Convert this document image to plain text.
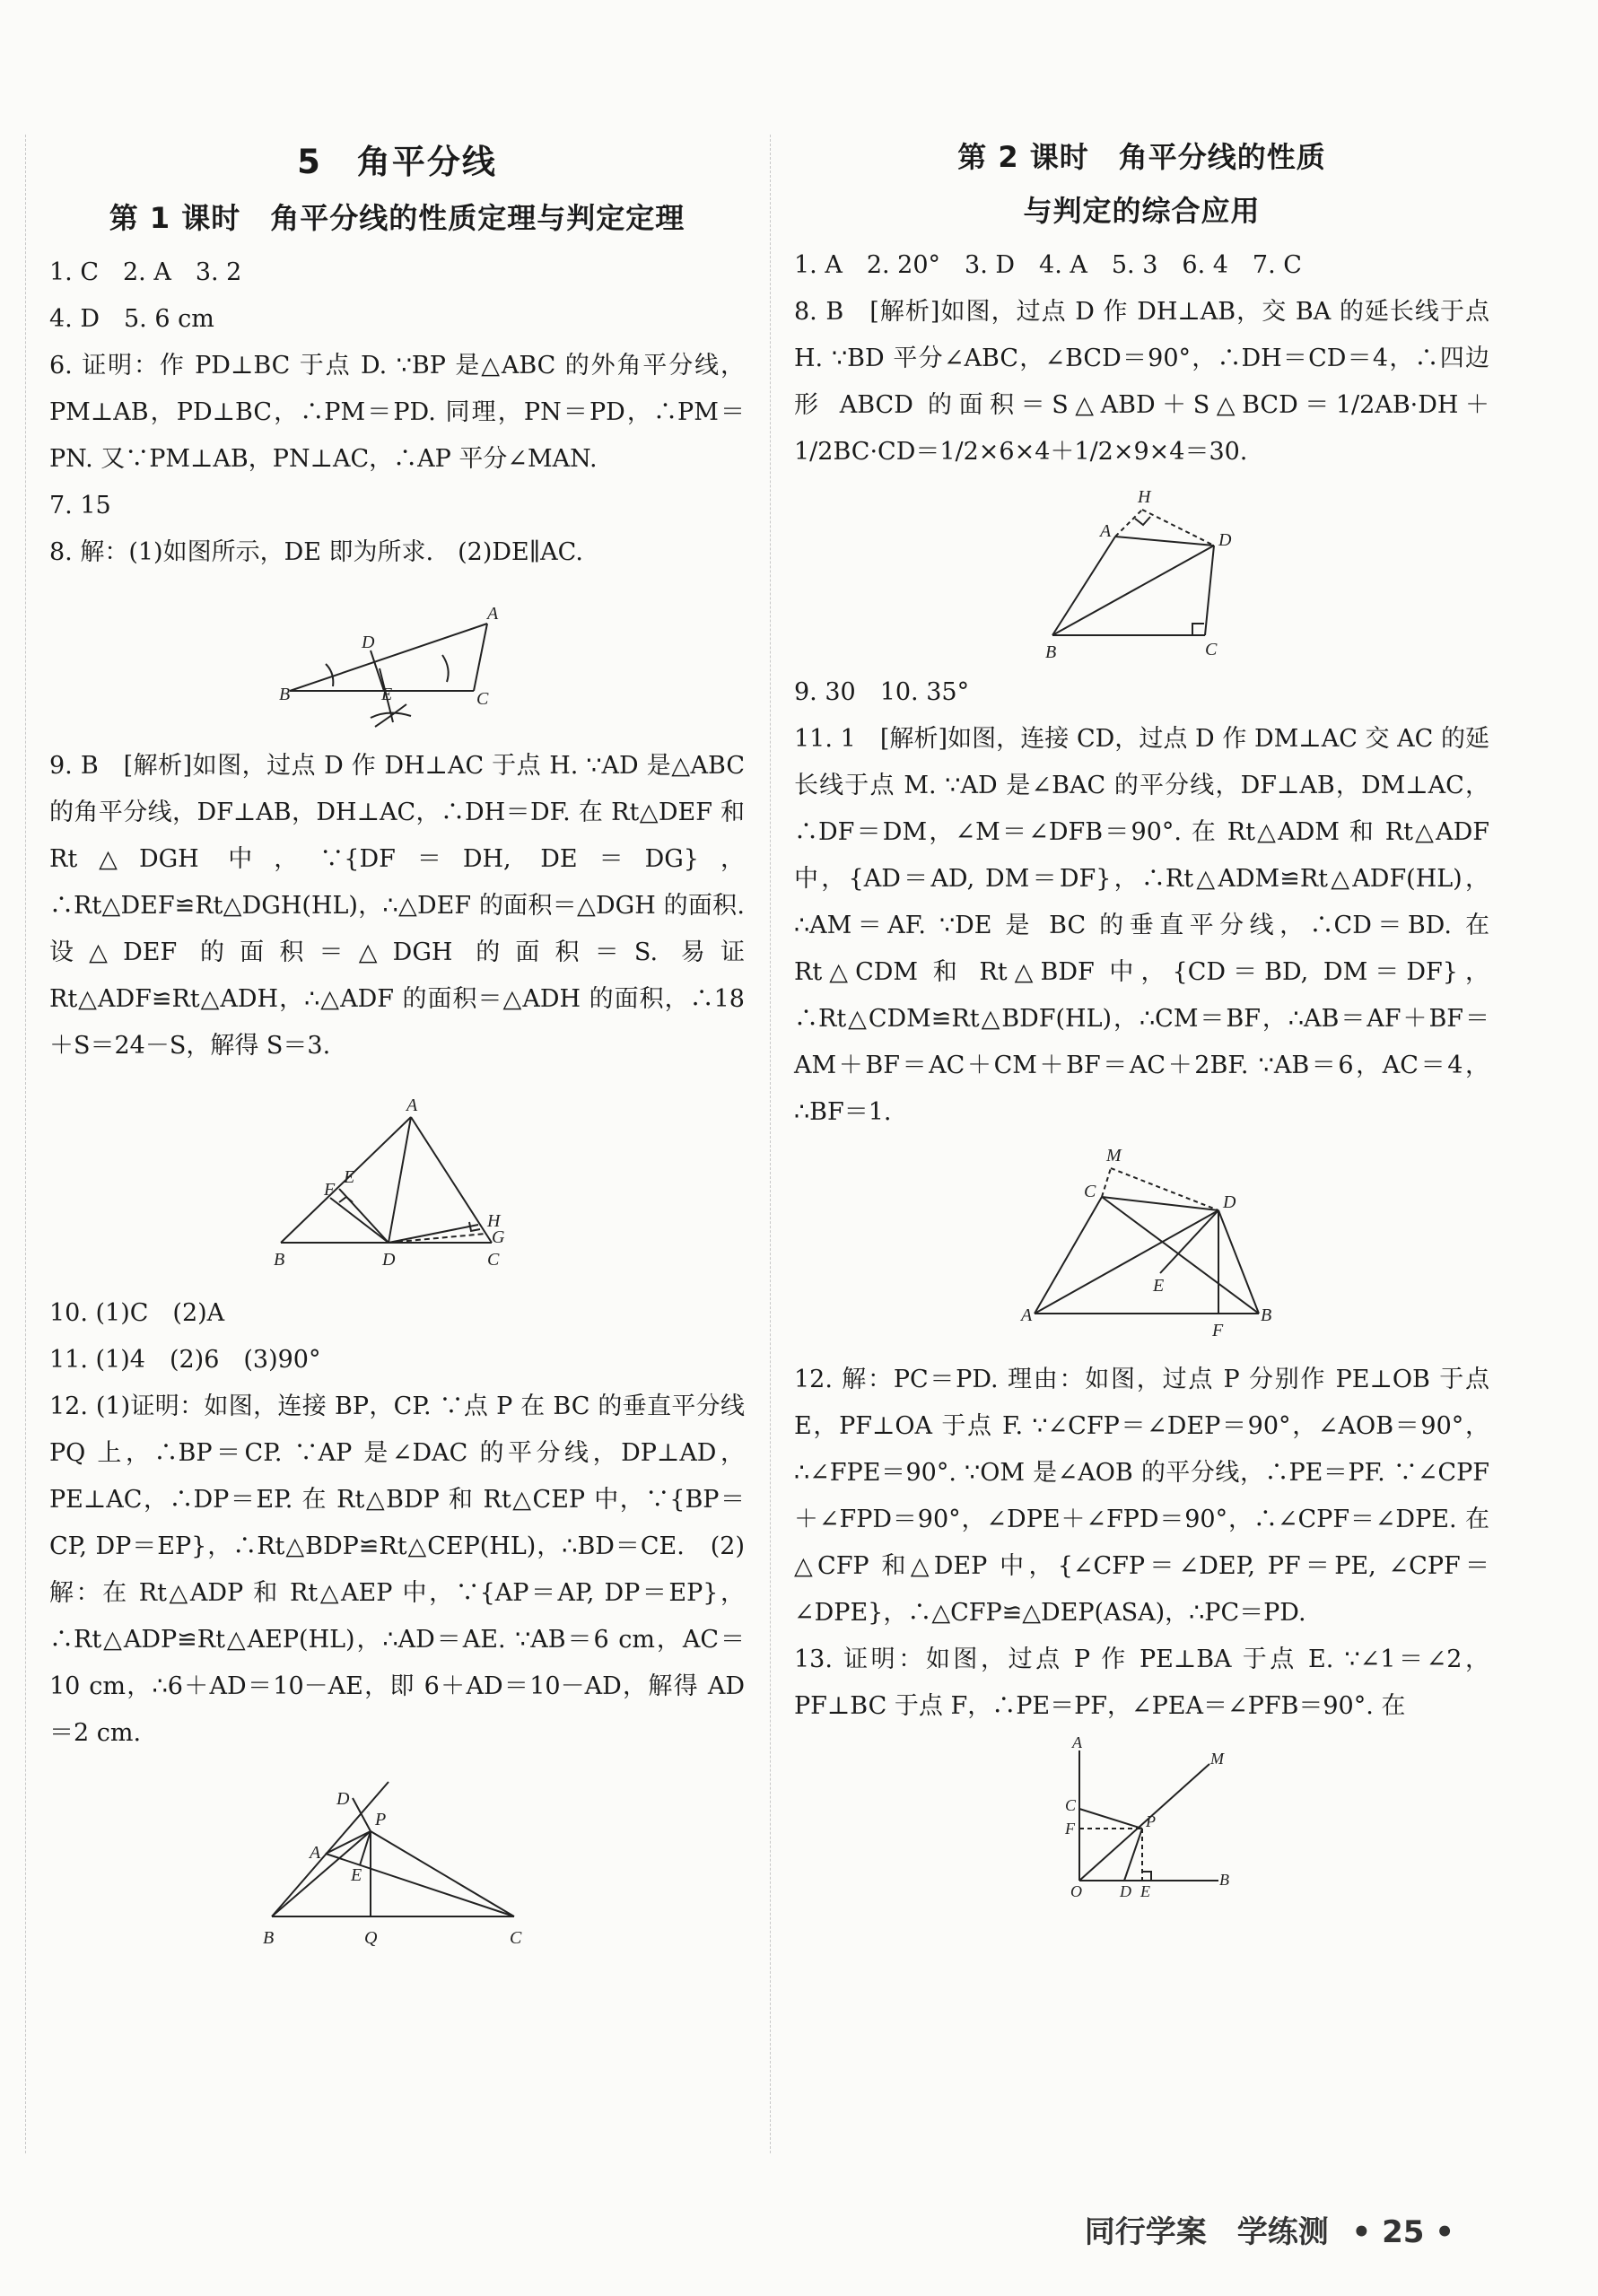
5　角平分线
第 1 课时　角平分线的性质定理与判定定理

1. C　2. A　3. 2

4. D　5. 6 cm

6. 证明：作 PD⊥BC 于点 D. ∵BP 是△ABC 的外角平分线，PM⊥AB，PD⊥BC，∴PM＝PD. 同理，PN＝PD，∴PM＝PN. 又∵PM⊥AB，PN⊥AC，∴AP 平分∠MAN.

7. 15

8. 解：(1)如图所示，DE 即为所求.　(2)DE∥AC.

A
B	C
D
E

9. B　[解析]如图，过点 D 作 DH⊥AC 于点 H. ∵AD 是△ABC 的角平分线，DF⊥AB，DH⊥AC，∴DH＝DF. 在 Rt△DEF 和 Rt△DGH 中，∵{DF＝DH, DE＝DG}，∴Rt△DEF≌Rt△DGH(HL)，∴△DEF 的面积＝△DGH 的面积. 设△DEF 的面积＝△DGH 的面积＝S. 易证 Rt△ADF≌Rt△ADH，∴△ADF 的面积＝△ADH 的面积，∴18＋S＝24－S，解得 S＝3.

A
B	C
D
E
F
H
G

10. (1)C　(2)A

11. (1)4　(2)6　(3)90°

12. (1)证明：如图，连接 BP，CP. ∵点 P 在 BC 的垂直平分线 PQ 上，∴BP＝CP. ∵AP 是∠DAC 的平分线，DP⊥AD，PE⊥AC，∴DP＝EP. 在 Rt△BDP 和 Rt△CEP 中，∵{BP＝CP, DP＝EP}，∴Rt△BDP≌Rt△CEP(HL)，∴BD＝CE.　(2)解：在 Rt△ADP 和 Rt△AEP 中，∵{AP＝AP, DP＝EP}，∴Rt△ADP≌Rt△AEP(HL)，∴AD＝AE. ∵AB＝6 cm，AC＝10 cm，∴6＋AD＝10－AE，即 6＋AD＝10－AD，解得 AD＝2 cm.

D
A
P
E
B	Q	C
第 2 课时　角平分线的性质
与判定的综合应用

1. A　2. 20°　3. D　4. A　5. 3　6. 4　7. C

8. B　[解析]如图，过点 D 作 DH⊥AB，交 BA 的延长线于点 H. ∵BD 平分∠ABC，∠BCD＝90°，∴DH＝CD＝4，∴四边形 ABCD 的面积＝S△ABD＋S△BCD＝1/2AB·DH＋1/2BC·CD＝1/2×6×4＋1/2×9×4＝30.

H
A	D
B	C

9. 30　10. 35°

11. 1　[解析]如图，连接 CD，过点 D 作 DM⊥AC 交 AC 的延长线于点 M. ∵AD 是∠BAC 的平分线，DF⊥AB，DM⊥AC，∴DF＝DM，∠M＝∠DFB＝90°. 在 Rt△ADM 和 Rt△ADF 中，{AD＝AD, DM＝DF}，∴Rt△ADM≌Rt△ADF(HL)，∴AM＝AF. ∵DE 是 BC 的垂直平分线，∴CD＝BD. 在 Rt△CDM 和 Rt△BDF 中，{CD＝BD, DM＝DF}，∴Rt△CDM≌Rt△BDF(HL)，∴CM＝BF，∴AB＝AF＋BF＝AM＋BF＝AC＋CM＋BF＝AC＋2BF. ∵AB＝6，AC＝4，∴BF＝1.

M
C
D
E
A
F
B

12. 解：PC＝PD. 理由：如图，过点 P 分别作 PE⊥OB 于点 E，PF⊥OA 于点 F. ∵∠CFP＝∠DEP＝90°，∠AOB＝90°，∴∠FPE＝90°. ∵OM 是∠AOB 的平分线，∴PE＝PF. ∵∠CPF＋∠FPD＝90°，∠DPE＋∠FPD＝90°，∴∠CPF＝∠DPE. 在△CFP 和△DEP 中，{∠CFP＝∠DEP, PF＝PE, ∠CPF＝∠DPE}，∴△CFP≌△DEP(ASA)，∴PC＝PD.

13. 证明：如图，过点 P 作 PE⊥BA 于点 E. ∵∠1＝∠2，PF⊥BC 于点 F，∴PE＝PF，∠PEA＝∠PFB＝90°. 在

A
M
C
F	P
O D E
B
同行学案　学练测 • 25 •
